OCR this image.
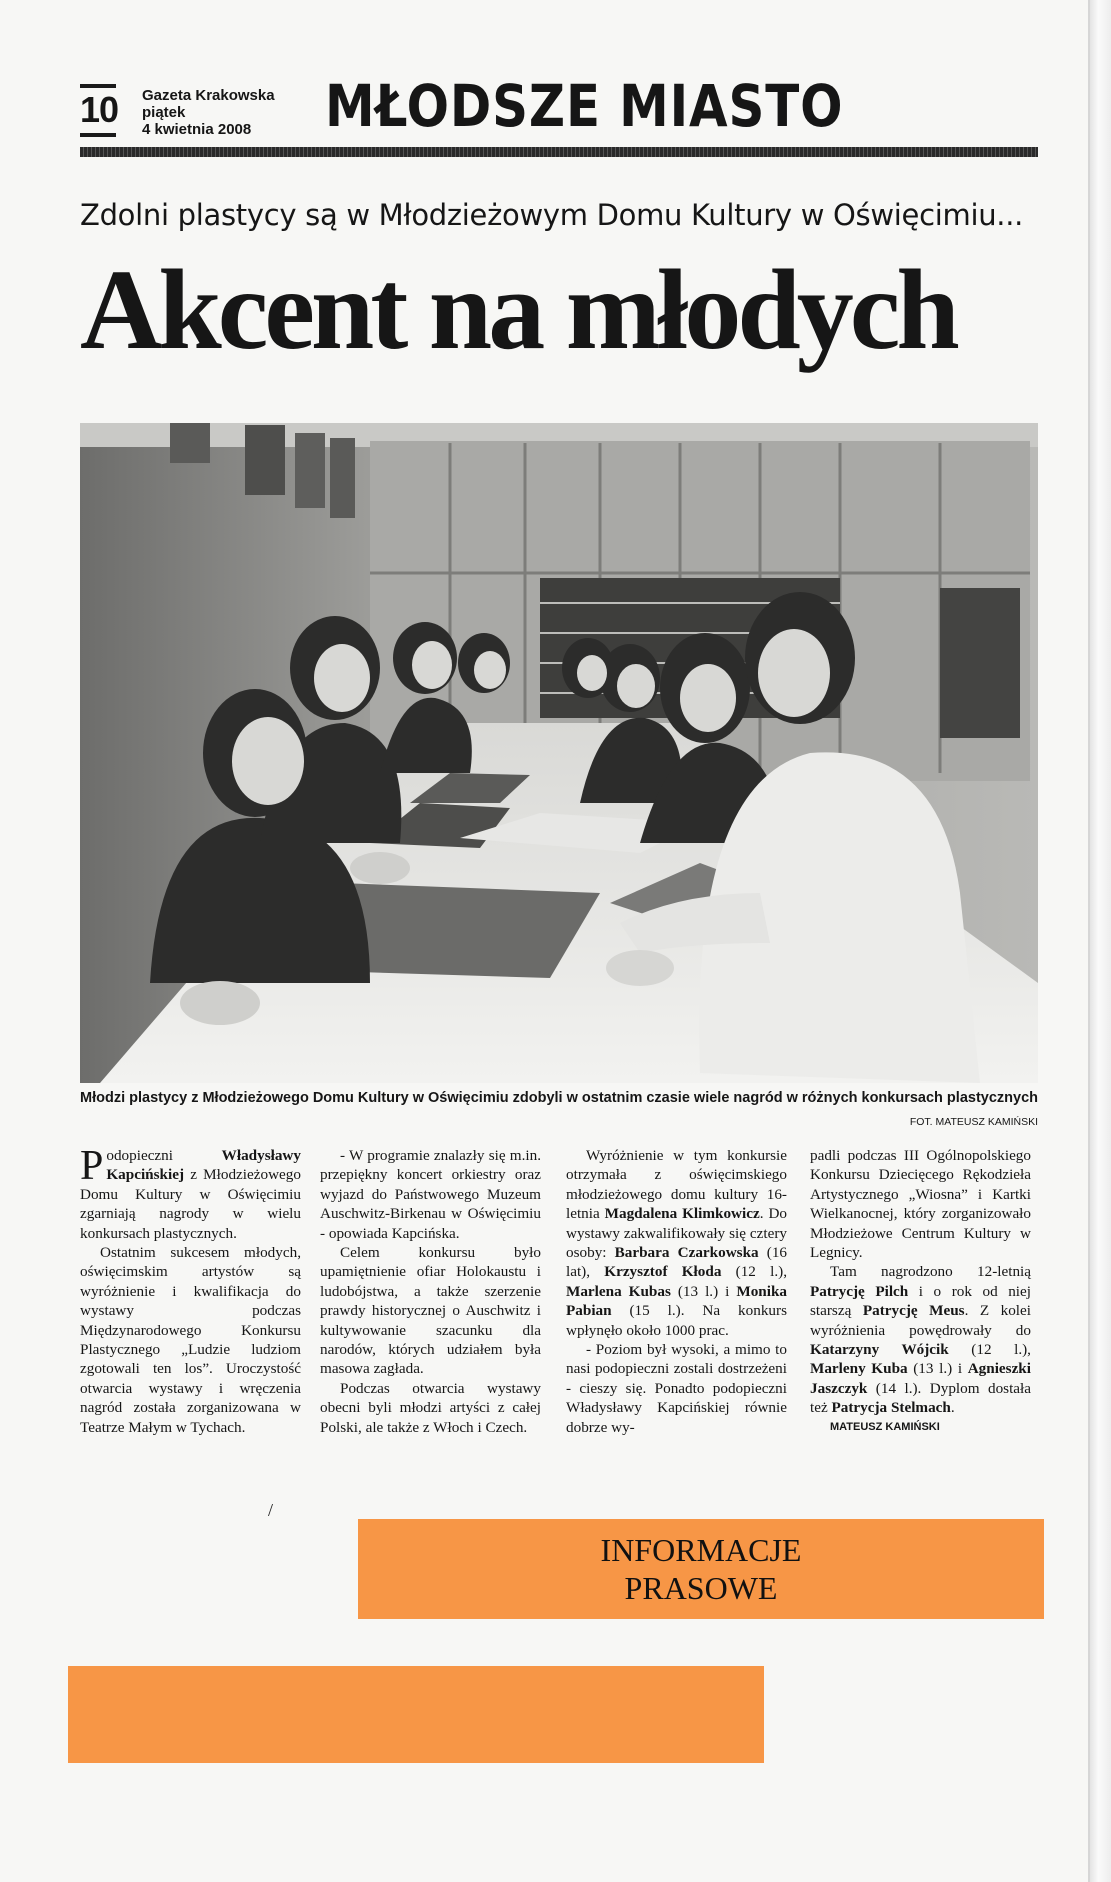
10 Gazeta Krakowska
piątek
4 kwietnia 2008	MŁODSZE MIASTO
Zdolni plastycy są w Młodzieżowym Domu Kultury w Oświęcimiu...
Akcent na młodych
Młodzi plastycy z Młodzieżowego Domu Kultury w Oświęcimiu zdobyli w ostatnim czasie wiele nagród w różnych konkursach plastycznych
FOT. MATEUSZ KAMIŃSKI

Podopieczni Władysławy Kapcińskiej z Młodzieżowego Domu Kultury w Oświęcimiu zgarniają nagrody w wielu konkursach plastycznych.

Ostatnim sukcesem młodych, oświęcimskim artystów są wyróżnienie i kwalifikacja do wystawy podczas Międzynarodowego Konkursu Plastycznego „Ludzie ludziom zgotowali ten los”. Uroczystość otwarcia wystawy i wręczenia nagród została zorganizowana w Teatrze Małym w Tychach.

- W programie znalazły się m.in. przepiękny koncert orkiestry oraz wyjazd do Państwowego Muzeum Auschwitz-Birkenau w Oświęcimiu - opowiada Kapcińska.

Celem konkursu było upamiętnienie ofiar Holokaustu i ludobójstwa, a także szerzenie prawdy historycznej o Auschwitz i kultywowanie szacunku dla narodów, których udziałem była masowa zagłada.

Podczas otwarcia wystawy obecni byli młodzi artyści z całej Polski, ale także z Włoch i Czech.

Wyróżnienie w tym konkursie otrzymała z oświęcimskiego młodzieżowego domu kultury 16-letnia Magdalena Klimkowicz. Do wystawy zakwalifikowały się cztery osoby: Barbara Czarkowska (16 lat), Krzysztof Kłoda (12 l.), Marlena Kubas (13 l.) i Monika Pabian (15 l.). Na konkurs wpłynęło około 1000 prac.

- Poziom był wysoki, a mimo to nasi podopieczni zostali dostrzeżeni - cieszy się. Ponadto podopieczni Władysławy Kapcińskiej równie dobrze wy-

padli podczas III Ogólnopolskiego Konkursu Dziecięcego Rękodzieła Artystycznego „Wiosna” i Kartki Wielkanocnej, który zorganizowało Młodzieżowe Centrum Kultury w Legnicy.

Tam nagrodzono 12-letnią Patrycję Pilch i o rok od niej starszą Patrycję Meus. Z kolei wyróżnienia powędrowały do Katarzyny Wójcik (12 l.), Marleny Kuba (13 l.) i Agnieszki Jaszczyk (14 l.). Dyplom dostała też Patrycja Stelmach.

MATEUSZ KAMIŃSKI

/
INFORMACJE
PRASOWE
